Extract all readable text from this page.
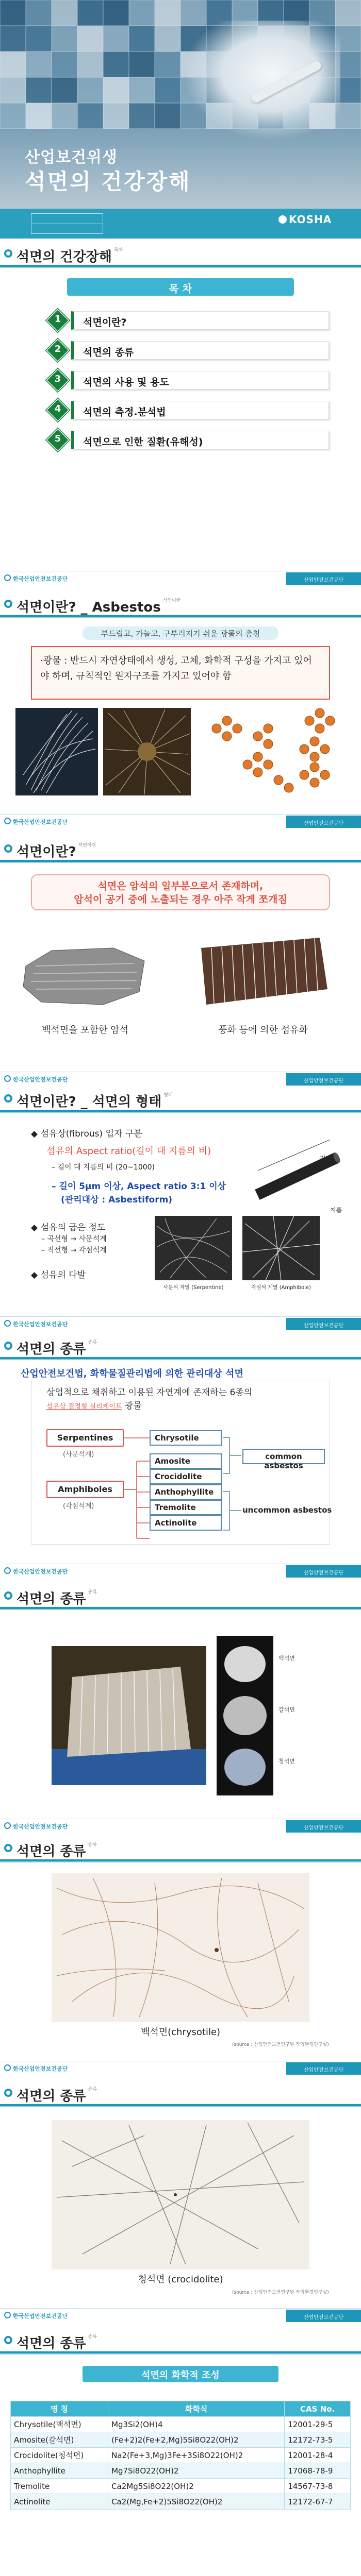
산업보건위생
석면의 건강장해
KOSHA
석면의 건강장해 $^{목차}$
목 차
1	석면이란?
2	석면의 종류
3	석면의 사용 및 용도
4	석면의 측정.분석법
5	석면으로 인한 질환(유해성)
한국산업안전보건공단	산업안전보건공단
석면이란? _ Asbestos $^{석면이란}$
부드럽고, 가늘고, 구부러지기 쉬운 광물의 총칭
·광물 : 반드시 자연상태에서 생성, 고체, 화학적 구성을 가지고 있어야 하며, 규칙적인 원자구조를 가지고 있어야 함
한국산업안전보건공단	산업안전보건공단
석면이란? $^{석면이란}$
석면은 암석의 일부분으로서 존재하며,
암석이 공기 중에 노출되는 경우 아주 작게 쪼개짐
백석면을 포함한 암석	풍화 등에 의한 섬유화
한국산업안전보건공단	산업안전보건공단
석면이란? _ 석면의 형태 $^{형태}$
◆ 섬유상(fibrous) 입자 구분
섬유의 Aspect ratio(길이 대 지름의 비)
– 길이 대 지름의 비 (20~1000)
– 길이 5μm 이상, Aspect ratio 3:1 이상
(관리대상 : Asbestiform)
길이
지름
◆ 섬유의 굽은 정도
– 곡선형 → 사문석계
– 직선형 → 각섬석계
◆ 섬유의 다발
사문석 계열 (Serpentine)	각섬석 계열 (Amphibole)
한국산업안전보건공단	산업안전보건공단
석면의 종류 $^{종류}$
산업안전보건법, 화학물질관리법에 의한 관리대상 석면
상업적으로 채취하고 이용된 자연계에 존재하는 6종의
섬유상 결정형 실리케이트 광물
Serpentines
(사문석계)
Amphiboles
(각섬석계)
Chrysotile
Amosite
Crocidolite
Anthophyllite
Tremolite
Actinolite
common asbestos
uncommon asbestos
한국산업안전보건공단	산업안전보건공단
석면의 종류 $^{종류}$
백석면
갈석면
청석면
한국산업안전보건공단	산업안전보건공단
석면의 종류 $^{종류}$
백석면(chrysotile)
(source : 산업안전보건연구원 작업환경연구실)
한국산업안전보건공단	산업안전보건공단
석면의 종류 $^{종류}$
청석면 (crocidolite)
(source : 산업안전보건연구원 작업환경연구실)
한국산업안전보건공단	산업안전보건공단
석면의 종류 $^{종류}$
석면의 화학적 조성
명 칭	화학식	CAS No.
Chrysotile(백석면)	Mg3Si2(OH)4	12001-29-5
Amosite(갈석면)	(Fe+2)2(Fe+2,Mg)5Si8O22(OH)2	12172-73-5
Crocidolite(청석면)	Na2(Fe+3,Mg)3Fe+3Si8O22(OH)2	12001-28-4
Anthophyllite	Mg7Si8O22(OH)2	17068-78-9
Tremolite	Ca2Mg5Si8O22(OH)2	14567-73-8
Actinolite	Ca2(Mg,Fe+2)5Si8O22(OH)2	12172-67-7
